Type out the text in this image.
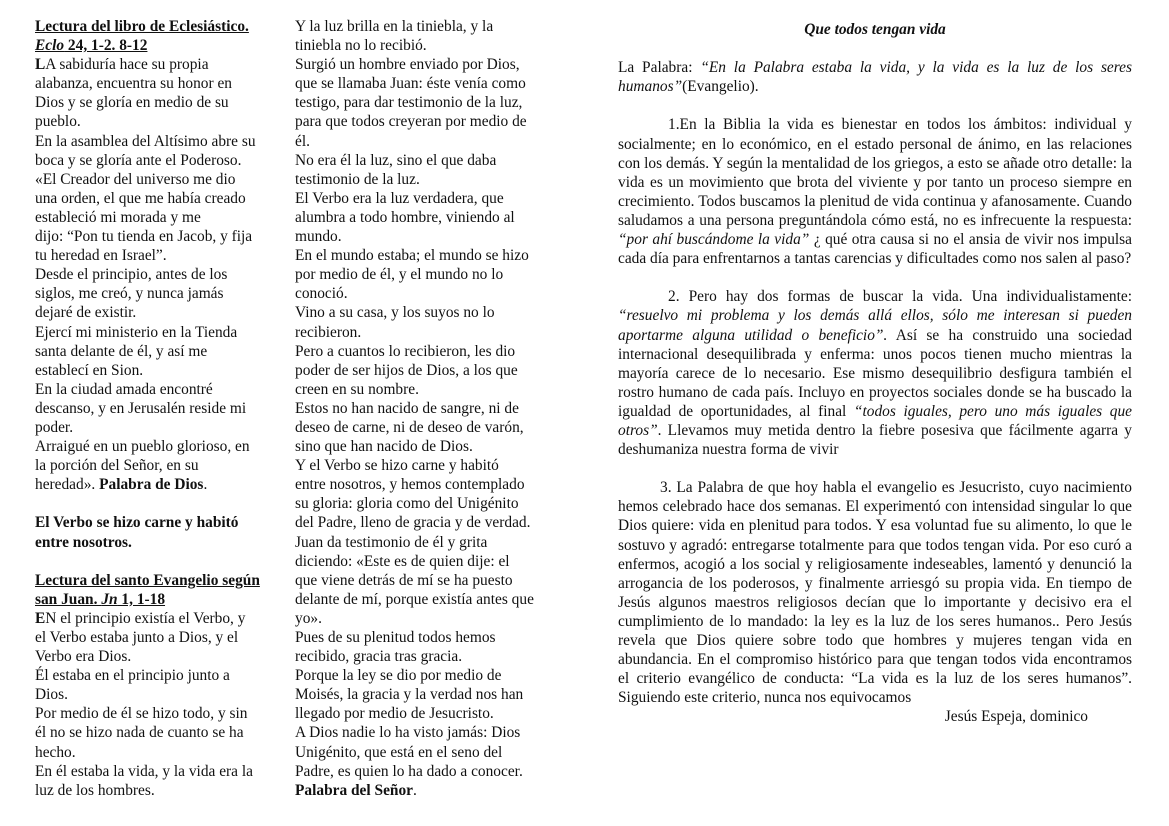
Lectura del libro de Eclesiástico.
Eclo 24, 1-2. 8-12
LA sabiduría hace su propia
alabanza, encuentra su honor en
Dios y se gloría en medio de su
pueblo.
En la asamblea del Altísimo abre su
boca y se gloría ante el Poderoso.
«El Creador del universo me dio
una orden, el que me había creado
estableció mi morada y me
dijo: “Pon tu tienda en Jacob, y fija
tu heredad en Israel”.
Desde el principio, antes de los
siglos, me creó, y nunca jamás
dejaré de existir.
Ejercí mi ministerio en la Tienda
santa delante de él, y así me
establecí en Sion.
En la ciudad amada encontré
descanso, y en Jerusalén reside mi
poder.
Arraigué en un pueblo glorioso, en
la porción del Señor, en su
heredad». Palabra de Dios.
El Verbo se hizo carne y habitó
entre nosotros.
Lectura del santo Evangelio según
san Juan. Jn 1, 1-18
EN el principio existía el Verbo, y
el Verbo estaba junto a Dios, y el
Verbo era Dios.
Él estaba en el principio junto a
Dios.
Por medio de él se hizo todo, y sin
él no se hizo nada de cuanto se ha
hecho.
En él estaba la vida, y la vida era la
luz de los hombres.
Y la luz brilla en la tiniebla, y la
tiniebla no lo recibió.
Surgió un hombre enviado por Dios,
que se llamaba Juan: éste venía como
testigo, para dar testimonio de la luz,
para que todos creyeran por medio de
él.
No era él la luz, sino el que daba
testimonio de la luz.
El Verbo era la luz verdadera, que
alumbra a todo hombre, viniendo al
mundo.
En el mundo estaba; el mundo se hizo
por medio de él, y el mundo no lo
conoció.
Vino a su casa, y los suyos no lo
recibieron.
Pero a cuantos lo recibieron, les dio
poder de ser hijos de Dios, a los que
creen en su nombre.
Estos no han nacido de sangre, ni de
deseo de carne, ni de deseo de varón,
sino que han nacido de Dios.
Y el Verbo se hizo carne y habitó
entre nosotros, y hemos contemplado
su gloria: gloria como del Unigénito
del Padre, lleno de gracia y de verdad.
Juan da testimonio de él y grita
diciendo: «Este es de quien dije: el
que viene detrás de mí se ha puesto
delante de mí, porque existía antes que
yo».
Pues de su plenitud todos hemos
recibido, gracia tras gracia.
Porque la ley se dio por medio de
Moisés, la gracia y la verdad nos han
llegado por medio de Jesucristo.
A Dios nadie lo ha visto jamás: Dios
Unigénito, que está en el seno del
Padre, es quien lo ha dado a conocer.
Palabra del Señor.
Que todos tengan vida
La Palabra: “En la Palabra estaba la vida, y la vida es la luz de los seres humanos”(Evangelio).
1.En la Biblia la vida es bienestar en todos los ámbitos: individual y socialmente; en lo económico, en el estado personal de ánimo, en las relaciones con los demás. Y según la mentalidad de los griegos, a esto se añade otro detalle: la vida es un movimiento que brota del viviente y por tanto un proceso siempre en crecimiento. Todos buscamos la plenitud de vida continua y afanosamente. Cuando saludamos a una persona preguntándola cómo está, no es infrecuente la respuesta: “por ahí buscándome la vida” ¿ qué otra causa si no el ansia de vivir nos impulsa cada día para enfrentarnos a tantas carencias y dificultades como nos salen al paso?
2. Pero hay dos formas de buscar la vida. Una individualistamente: “resuelvo mi problema y los demás allá ellos, sólo me interesan si pueden aportarme alguna utilidad o beneficio”. Así se ha construido una sociedad internacional desequilibrada y enferma: unos pocos tienen mucho mientras la mayoría carece de lo necesario. Ese mismo desequilibrio desfigura también el rostro humano de cada país. Incluyo en proyectos sociales donde se ha buscado la igualdad de oportunidades, al final “todos iguales, pero uno más iguales que otros”. Llevamos muy metida dentro la fiebre posesiva que fácilmente agarra y deshumaniza nuestra forma de vivir
3. La Palabra de que hoy habla el evangelio es Jesucristo, cuyo nacimiento hemos celebrado hace dos semanas. El experimentó con intensidad singular lo que Dios quiere: vida en plenitud para todos. Y esa voluntad fue su alimento, lo que le sostuvo y agradó: entregarse totalmente para que todos tengan vida. Por eso curó a enfermos, acogió a los social y religiosamente indeseables, lamentó y denunció la arrogancia de los poderosos, y finalmente arriesgó su propia vida. En tiempo de Jesús algunos maestros religiosos decían que lo importante y decisivo era el cumplimiento de lo mandado: la ley es la luz de los seres humanos.. Pero Jesús revela que Dios quiere sobre todo que hombres y mujeres tengan vida en abundancia. En el compromiso histórico para que tengan todos vida encontramos el criterio evangélico de conducta: “La vida es la luz de los seres humanos”. Siguiendo este criterio, nunca nos equivocamos
Jesús Espeja, dominico
